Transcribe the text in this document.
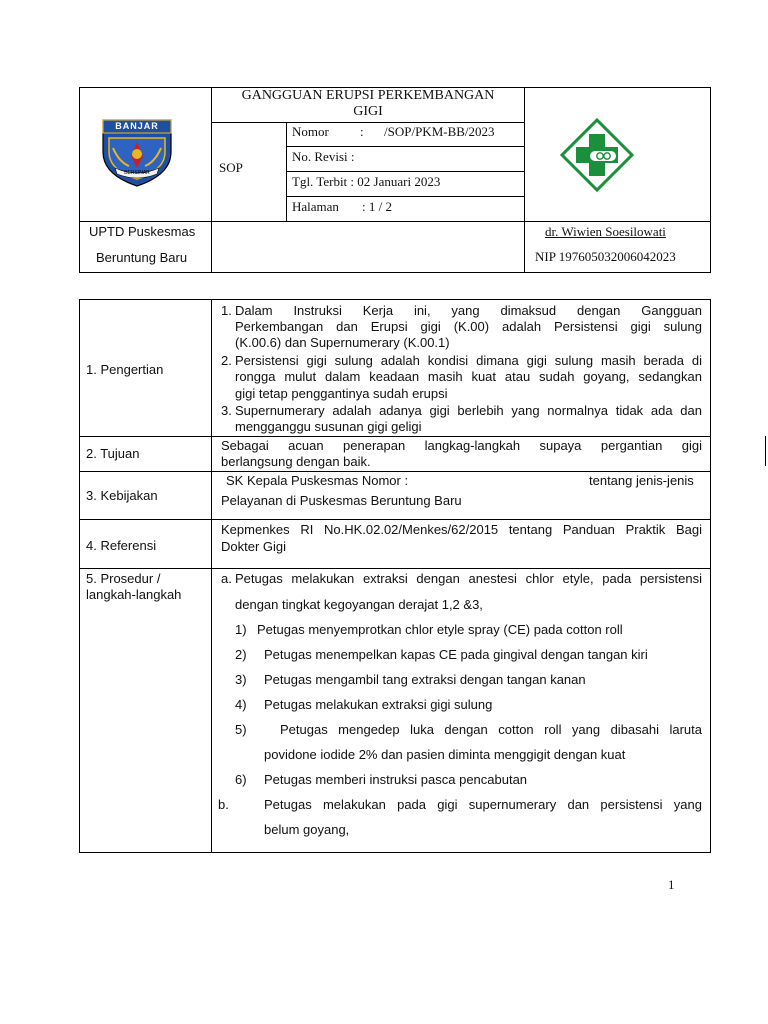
BANJAR
BERSINAR
GANGGUAN ERUPSI PERKEMBANGAN
GIGI
SOP
Nomor : /SOP/PKM-BB/2023
No. Revisi :
Tgl. Terbit : 02 Januari 2023
Halaman : 1 / 2
UPTD Puskesmas
Beruntung Baru
dr. Wiwien Soesilowati
NIP 197605032006042023
1. Pengertian
1. Dalam Instruksi Kerja ini, yang dimaksud dengan Gangguan
Perkembangan dan Erupsi gigi (K.00) adalah Persistensi gigi sulung
(K.00.6) dan Supernumerary (K.00.1)
2. Persistensi gigi sulung adalah kondisi dimana gigi sulung masih berada di
rongga mulut dalam keadaan masih kuat atau sudah goyang, sedangkan
gigi tetap penggantinya sudah erupsi
3. Supernumerary adalah adanya gigi berlebih yang normalnya tidak ada dan
mengganggu susunan gigi geligi
2. Tujuan
Sebagai acuan penerapan langkag-langkah supaya pergantian gigi
berlangsung dengan baik.
3. Kebijakan
SK Kepala Puskesmas Nomor :	tentang jenis-jenis
Pelayanan di Puskesmas Beruntung Baru
4. Referensi
Kepmenkes RI No.HK.02.02/Menkes/62/2015 tentang Panduan Praktik Bagi
Dokter Gigi
5. Prosedur /
langkah-langkah
a. Petugas melakukan extraksi dengan anestesi chlor etyle, pada persistensi
dengan tingkat kegoyangan derajat 1,2 &3,
1) Petugas menyemprotkan chlor etyle spray (CE) pada cotton roll
2) Petugas menempelkan kapas CE pada gingival dengan tangan kiri
3) Petugas mengambil tang extraksi dengan tangan kanan
4) Petugas melakukan extraksi gigi sulung
5)	Petugas mengedep luka dengan cotton roll yang dibasahi laruta
povidone iodide 2% dan pasien diminta menggigit dengan kuat
6) Petugas memberi instruksi pasca pencabutan
b.	Petugas melakukan pada gigi supernumerary dan persistensi yang
belum goyang,
1
